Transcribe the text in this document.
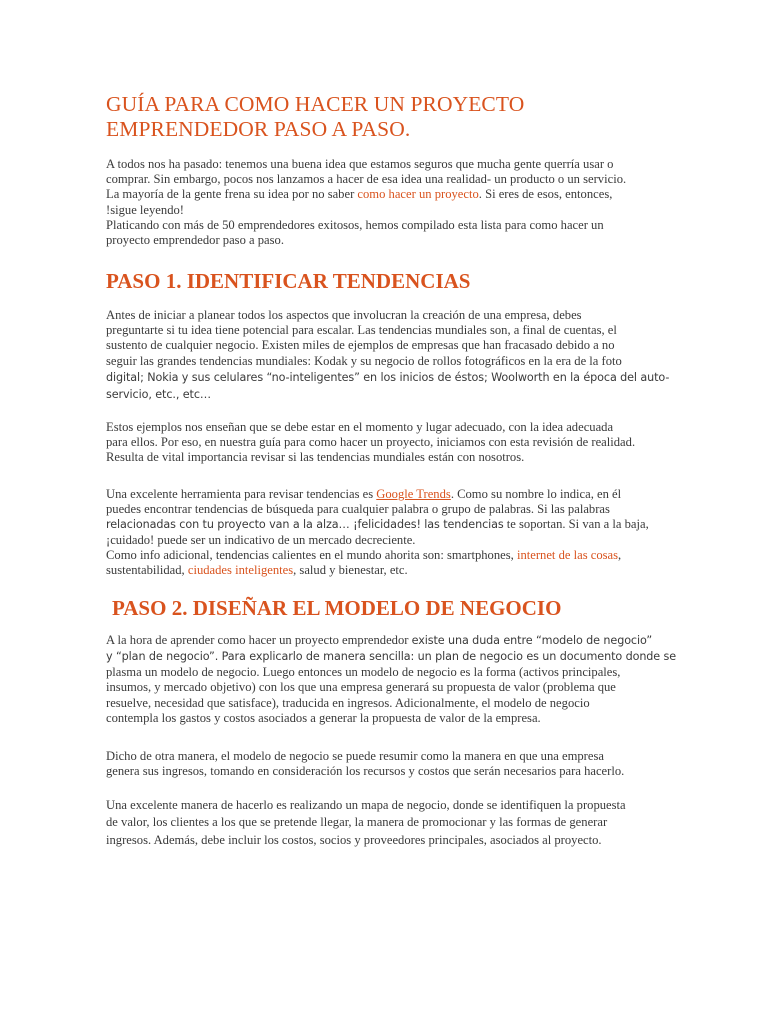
GUÍA PARA COMO HACER UN PROYECTO
EMPRENDEDOR PASO A PASO.

A todos nos ha pasado: tenemos una buena idea que estamos seguros que mucha gente querría usar o
comprar. Sin embargo, pocos nos lanzamos a hacer de esa idea una realidad- un producto o un servicio.
La mayoría de la gente frena su idea por no saber como hacer un proyecto. Si eres de esos, entonces,
!sigue leyendo!
Platicando con más de 50 emprendedores exitosos, hemos compilado esta lista para como hacer un
proyecto emprendedor paso a paso.

PASO 1. IDENTIFICAR TENDENCIAS

Antes de iniciar a planear todos los aspectos que involucran la creación de una empresa, debes
preguntarte si tu idea tiene potencial para escalar. Las tendencias mundiales son, a final de cuentas, el
sustento de cualquier negocio. Existen miles de ejemplos de empresas que han fracasado debido a no
seguir las grandes tendencias mundiales: Kodak y su negocio de rollos fotográficos en la era de la foto
digital; Nokia y sus celulares “no-inteligentes” en los inicios de éstos; Woolworth en la época del auto-
servicio, etc., etc…

Estos ejemplos nos enseñan que se debe estar en el momento y lugar adecuado, con la idea adecuada
para ellos. Por eso, en nuestra guía para como hacer un proyecto, iniciamos con esta revisión de realidad.
Resulta de vital importancia revisar si las tendencias mundiales están con nosotros.

Una excelente herramienta para revisar tendencias es Google Trends. Como su nombre lo indica, en él
puedes encontrar tendencias de búsqueda para cualquier palabra o grupo de palabras. Si las palabras
relacionadas con tu proyecto van a la alza… ¡felicidades! las tendencias te soportan. Si van a la baja,
¡cuidado! puede ser un indicativo de un mercado decreciente.
Como info adicional, tendencias calientes en el mundo ahorita son: smartphones, internet de las cosas,
sustentabilidad, ciudades inteligentes, salud y bienestar, etc.

PASO 2. DISEÑAR EL MODELO DE NEGOCIO

A la hora de aprender como hacer un proyecto emprendedor existe una duda entre “modelo de negocio”
y “plan de negocio”. Para explicarlo de manera sencilla: un plan de negocio es un documento donde se
plasma un modelo de negocio. Luego entonces un modelo de negocio es la forma (activos principales,
insumos, y mercado objetivo) con los que una empresa generará su propuesta de valor (problema que
resuelve, necesidad que satisface), traducida en ingresos. Adicionalmente, el modelo de negocio
contempla los gastos y costos asociados a generar la propuesta de valor de la empresa.

Dicho de otra manera, el modelo de negocio se puede resumir como la manera en que una empresa
genera sus ingresos, tomando en consideración los recursos y costos que serán necesarios para hacerlo.

Una excelente manera de hacerlo es realizando un mapa de negocio, donde se identifiquen la propuesta
de valor, los clientes a los que se pretende llegar, la manera de promocionar y las formas de generar
ingresos. Además, debe incluir los costos, socios y proveedores principales, asociados al proyecto.
